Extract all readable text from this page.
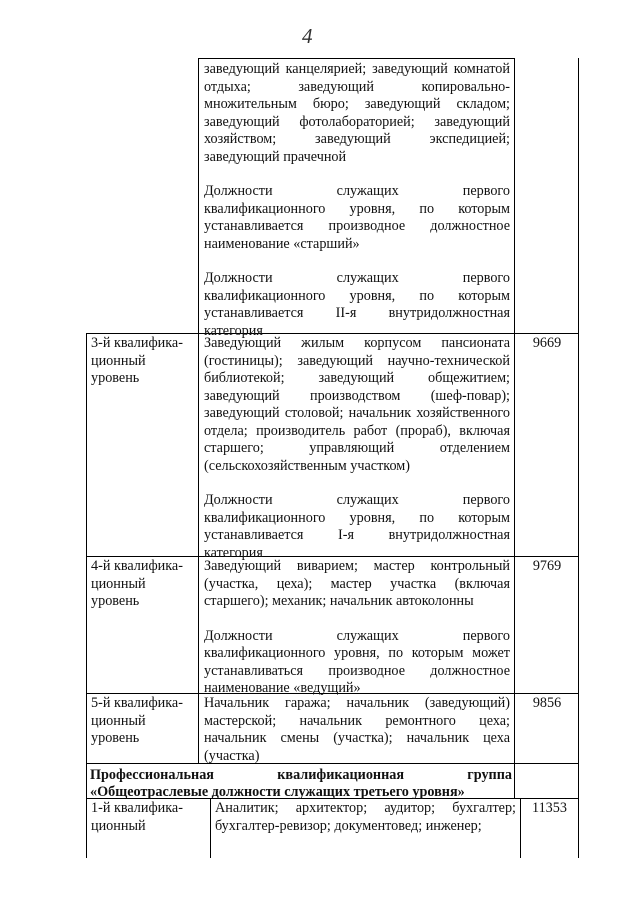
4

заведующий канцелярией; заведующий комнатой отдыха; заведующий копировально-множительным бюро; заведующий складом; заведующий фотолабораторией; заведующий хозяйством; заведующий экспедицией; заведующий прачечной

Должности служащих первого квалификационного уровня, по которым устанавливается производное должностное наименование «старший»

Должности служащих первого квалификационного уровня, по которым устанавливается II-я внутридолжностная категория

3-й квалифика-
ционный
уровень

Заведующий жилым корпусом пансионата (гостиницы); заведующий научно-технической библиотекой; заведующий общежитием; заведующий производством (шеф-повар); заведующий столовой; начальник хозяйственного отдела; производитель работ (прораб), включая старшего; управляющий отделением (сельскохозяйственным участком)

Должности служащих первого квалификационного уровня, по которым устанавливается I-я внутридолжностная категория

9669
4-й квалифика-
ционный
уровень

Заведующий виварием; мастер контрольный (участка, цеха); мастер участка (включая старшего); механик; начальник автоколонны

Должности служащих первого квалификационного уровня, по которым может устанавливаться производное должностное наименование «ведущий»

9769
5-й квалифика-
ционный
уровень

Начальник гаража; начальник (заведующий) мастерской; начальник ремонтного цеха; начальник смены (участка); начальник цеха (участка)

9856
Профессиональная квалификационная группа
«Общеотраслевые должности служащих третьего уровня»
1-й квалифика-
ционный

Аналитик; архитектор; аудитор; бухгалтер; бухгалтер-ревизор; документовед; инженер;

11353
